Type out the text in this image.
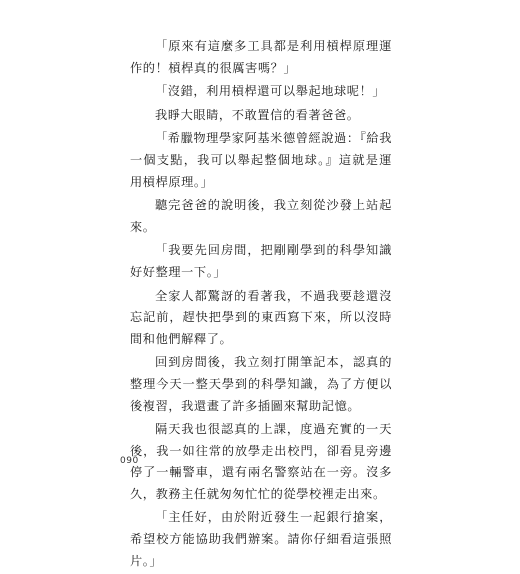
「原來有這麼多工具都是利用槓桿原理運作的！槓桿真的很厲害嗎？」

「沒錯，利用槓桿還可以舉起地球呢！」

我睜大眼睛，不敢置信的看著爸爸。

「希臘物理學家阿基米德曾經說過：『給我一個支點，我可以舉起整個地球。』這就是運用槓桿原理。」

聽完爸爸的說明後，我立刻從沙發上站起來。

「我要先回房間，把剛剛學到的科學知識好好整理一下。」

全家人都驚訝的看著我，不過我要趁還沒忘記前，趕快把學到的東西寫下來，所以沒時間和他們解釋了。

回到房間後，我立刻打開筆記本，認真的整理今天一整天學到的科學知識，為了方便以後複習，我還畫了許多插圖來幫助記憶。

隔天我也很認真的上課，度過充實的一天後，我一如往常的放學走出校門，卻看見旁邊停了一輛警車，還有兩名警察站在一旁。沒多久，教務主任就匆匆忙忙的從學校裡走出來。

「主任好，由於附近發生一起銀行搶案，希望校方能協助我們辦案。請你仔細看這張照片。」

090
